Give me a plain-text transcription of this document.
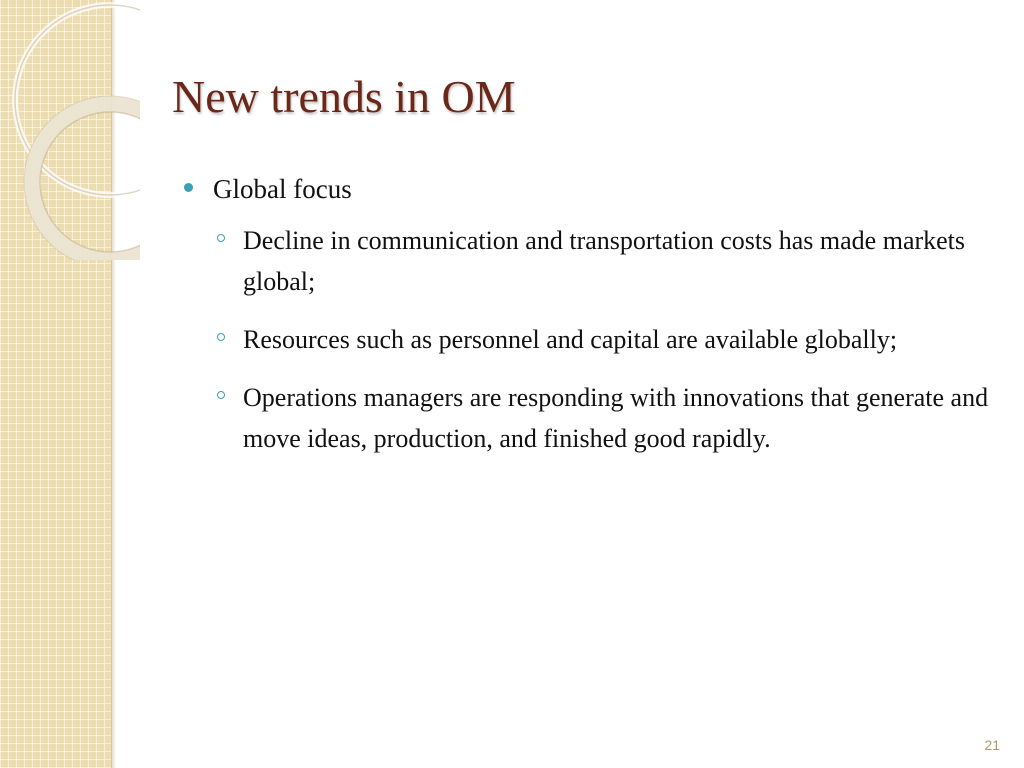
New trends in OM
Global focus
Decline in communication and transportation costs has made markets global;
Resources such as personnel and capital are available globally;
Operations managers are responding with innovations that generate and move ideas, production, and finished good rapidly.
21
